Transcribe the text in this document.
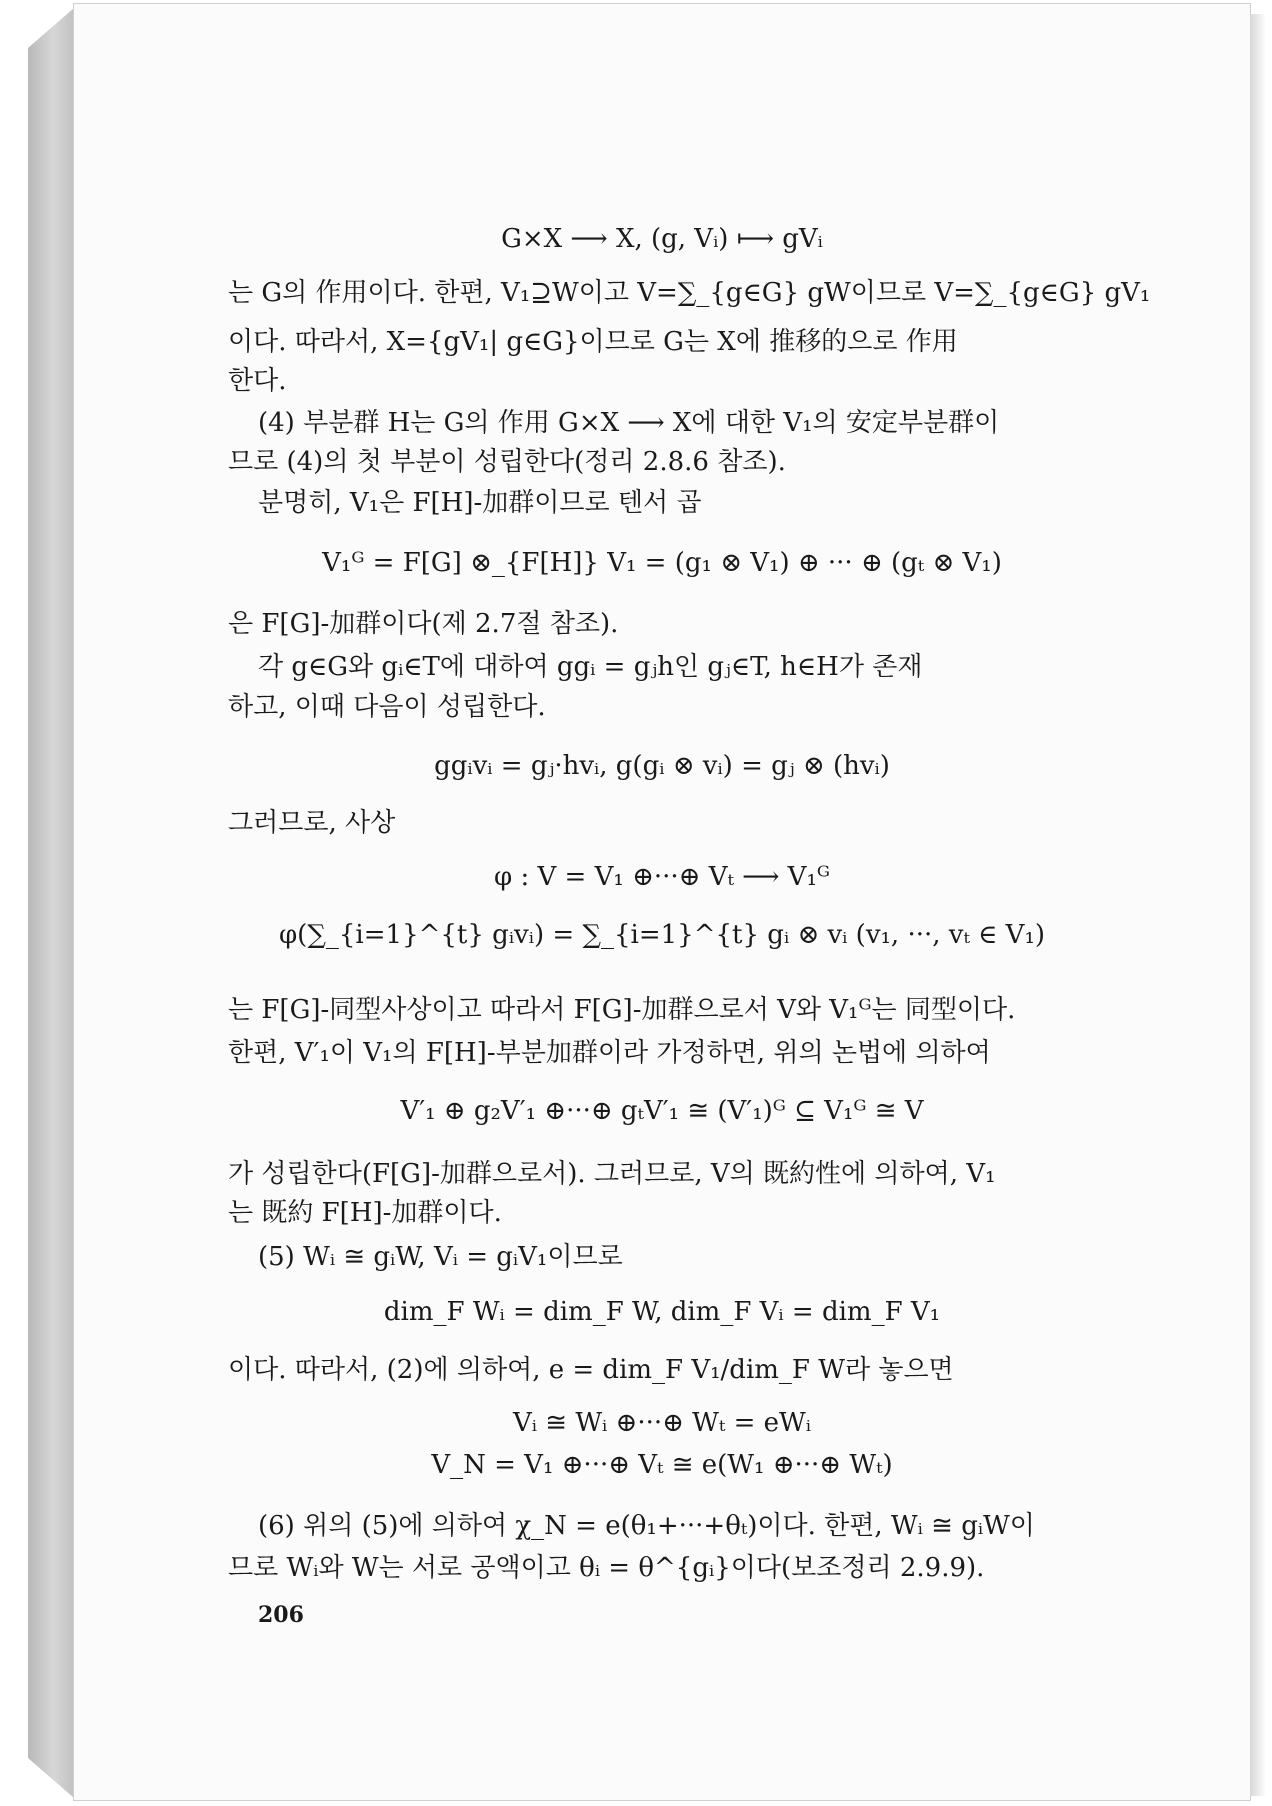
G×X ⟶ X, (g, Vᵢ) ⟼ gVᵢ
는 G의 作用이다. 한편, V₁⊇W이고 V=∑_{g∈G} gW이므로 V=∑_{g∈G} gV₁
이다. 따라서, X={gV₁| g∈G}이므로 G는 X에 推移的으로 作用
한다.
(4) 부분群 H는 G의 作用 G×X ⟶ X에 대한 V₁의 安定부분群이
므로 (4)의 첫 부분이 성립한다(정리 2.8.6 참조).
분명히, V₁은 F[H]-加群이므로 텐서 곱
V₁ᴳ = F[G] ⊗_{F[H]} V₁ = (g₁ ⊗ V₁) ⊕ ··· ⊕ (gₜ ⊗ V₁)
은 F[G]-加群이다(제 2.7절 참조).
각 g∈G와 gᵢ∈T에 대하여 ggᵢ = gⱼh인 gⱼ∈T, h∈H가 존재
하고, 이때 다음이 성립한다.
ggᵢvᵢ = gⱼ·hvᵢ, g(gᵢ ⊗ vᵢ) = gⱼ ⊗ (hvᵢ)
그러므로, 사상
φ : V = V₁ ⊕···⊕ Vₜ ⟶ V₁ᴳ
φ(∑_{i=1}^{t} gᵢvᵢ) = ∑_{i=1}^{t} gᵢ ⊗ vᵢ (v₁, ···, vₜ ∈ V₁)
는 F[G]-同型사상이고 따라서 F[G]-加群으로서 V와 V₁ᴳ는 同型이다.
한편, V′₁이 V₁의 F[H]-부분加群이라 가정하면, 위의 논법에 의하여
V′₁ ⊕ g₂V′₁ ⊕···⊕ gₜV′₁ ≅ (V′₁)ᴳ ⊆ V₁ᴳ ≅ V
가 성립한다(F[G]-加群으로서). 그러므로, V의 既約性에 의하여, V₁
는 既約 F[H]-加群이다.
(5) Wᵢ ≅ gᵢW, Vᵢ = gᵢV₁이므로
dim_F Wᵢ = dim_F W, dim_F Vᵢ = dim_F V₁
이다. 따라서, (2)에 의하여, e = dim_F V₁/dim_F W라 놓으면
Vᵢ ≅ Wᵢ ⊕···⊕ Wₜ = eWᵢ
V_N = V₁ ⊕···⊕ Vₜ ≅ e(W₁ ⊕···⊕ Wₜ)
(6) 위의 (5)에 의하여 χ_N = e(θ₁+···+θₜ)이다. 한편, Wᵢ ≅ gᵢW이
므로 Wᵢ와 W는 서로 공액이고 θᵢ = θ^{gᵢ}이다(보조정리 2.9.9).
206
